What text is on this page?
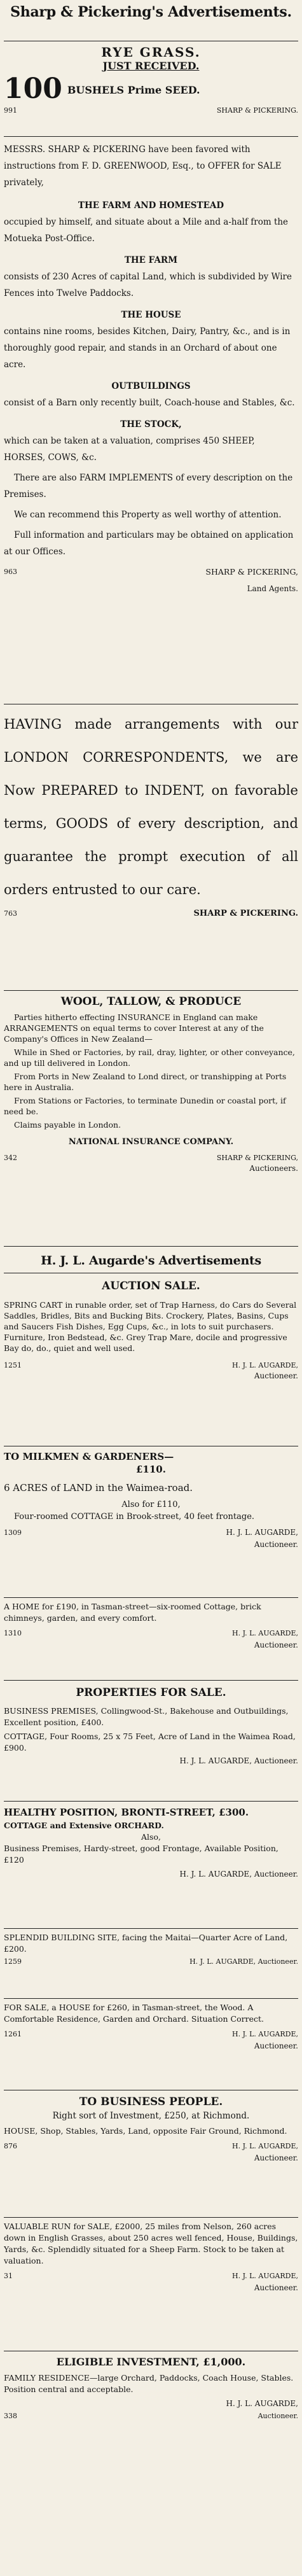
Sharp & Pickering's Advertisements.

RYE GRASS.

JUST RECEIVED.

100 BUSHELS Prime SEED.
991	SHARP & PICKERING.

MESSRS. SHARP & PICKERING have been favored with instructions from F. D. GREENWOOD, Esq., to OFFER for SALE privately,

THE FARM AND HOMESTEAD

occupied by himself, and situate about a Mile and a-half from the Motueka Post-Office.

THE FARM

consists of 230 Acres of capital Land, which is subdivided by Wire Fences into Twelve Paddocks.

THE HOUSE

contains nine rooms, besides Kitchen, Dairy, Pantry, &c., and is in thoroughly good repair, and stands in an Orchard of about one acre.

OUTBUILDINGS

consist of a Barn only recently built, Coach-house and Stables, &c.

THE STOCK,

which can be taken at a valuation, comprises 450 SHEEP, HORSES, COWS, &c.

There are also FARM IMPLEMENTS of every description on the Premises.

We can recommend this Property as well worthy of attention.

Full information and particulars may be obtained on application at our Offices.

963	SHARP & PICKERING,

Land Agents.

HAVING made arrangements with our LONDON CORRESPONDENTS, we are Now PREPARED to INDENT, on favorable terms, GOODS of every description, and guarantee the prompt execution of all orders entrusted to our care.

763	SHARP & PICKERING.

WOOL, TALLOW, & PRODUCE

Parties hitherto effecting INSURANCE in England can make ARRANGEMENTS on equal terms to cover Interest at any of the Company's Offices in New Zealand—

While in Shed or Factories, by rail, dray, lighter, or other conveyance, and up till delivered in London.

From Ports in New Zealand to Lond direct, or transhipping at Ports here in Australia.

From Stations or Factories, to terminate Dunedin or coastal port, if need be.

Claims payable in London.

NATIONAL INSURANCE COMPANY.

342	SHARP & PICKERING,

Auctioneers.

H. J. L. Augarde's Advertisements

AUCTION SALE.

SPRING CART in runable order, set of Trap Harness, do Cars do Several Saddles, Bridles, Bits and Bucking Bits. Crockery, Plates, Basins, Cups and Saucers Fish Dishes, Egg Cups, &c., in lots to suit purchasers. Furniture, Iron Bedstead, &c. Grey Trap Mare, docile and progressive Bay do, do., quiet and well used.

1251	H. J. L. AUGARDE,

Auctioneer.

TO MILKMEN & GARDENERS—

£110.

6 ACRES of LAND in the Waimea-road.

Also for £110,

Four-roomed COTTAGE in Brook-street, 40 feet frontage.

1309	H. J. L. AUGARDE,

Auctioneer.

A HOME for £190, in Tasman-street—six-roomed Cottage, brick chimneys, garden, and every comfort.

1310	H. J. L. AUGARDE,

Auctioneer.

PROPERTIES FOR SALE.

BUSINESS PREMISES, Collingwood-St., Bakehouse and Outbuildings, Excellent position, £400.

COTTAGE, Four Rooms, 25 x 75 Feet, Acre of Land in the Waimea Road, £900.

H. J. L. AUGARDE, Auctioneer.

HEALTHY POSITION, BRONTI-STREET, £300.

COTTAGE and Extensive ORCHARD.

Also,

Business Premises, Hardy-street, good Frontage, Available Position, £120

H. J. L. AUGARDE, Auctioneer.

SPLENDID BUILDING SITE, facing the Maitai—Quarter Acre of Land, £200.

1259	H. J. L. AUGARDE, Auctioneer.

FOR SALE, a HOUSE for £260, in Tasman-street, the Wood. A Comfortable Residence, Garden and Orchard. Situation Correct.

1261	H. J. L. AUGARDE,

Auctioneer.

TO BUSINESS PEOPLE.

Right sort of Investment, £250, at Richmond.

HOUSE, Shop, Stables, Yards, Land, opposite Fair Ground, Richmond.

876	H. J. L. AUGARDE,

Auctioneer.

VALUABLE RUN for SALE, £2000, 25 miles from Nelson, 260 acres down in English Grasses, about 250 acres well fenced, House, Buildings, Yards, &c. Splendidly situated for a Sheep Farm. Stock to be taken at valuation.

31	H. J. L. AUGARDE,

Auctioneer.

ELIGIBLE INVESTMENT, £1,000.

FAMILY RESIDENCE—large Orchard, Paddocks, Coach House, Stables. Position central and acceptable.

H. J. L. AUGARDE,

338	Auctioneer.
